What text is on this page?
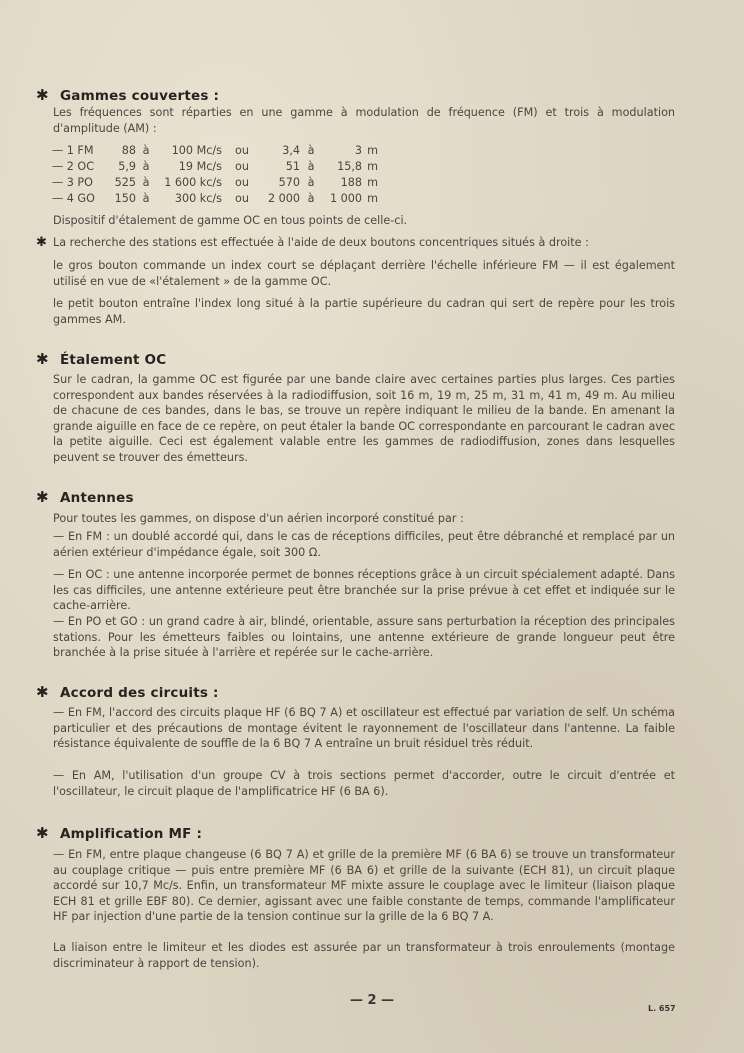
✱ Gammes couvertes :
Les fréquences sont réparties en une gamme à modulation de fréquence (FM) et trois à modulation d'amplitude (AM) :
— 1 FM	88	à	100 Mc/s	ou	3,4	à	3	m
— 2 OC	5,9	à	19 Mc/s	ou	51	à	15,8	m
— 3 PO	525	à	1 600 kc/s	ou	570	à	188	m
— 4 GO	150	à	300 kc/s	ou	2 000	à	1 000	m
Dispositif d'étalement de gamme OC en tous points de celle-ci.
✱ La recherche des stations est effectuée à l'aide de deux boutons concentriques situés à droite :
le gros bouton commande un index court se déplaçant derrière l'échelle inférieure FM — il est également utilisé en vue de «l'étalement » de la gamme OC.
le petit bouton entraîne l'index long situé à la partie supérieure du cadran qui sert de repère pour les trois gammes AM.
✱ Étalement OC
Sur le cadran, la gamme OC est figurée par une bande claire avec certaines parties plus larges. Ces parties correspondent aux bandes réservées à la radiodiffusion, soit 16 m, 19 m, 25 m, 31 m, 41 m, 49 m. Au milieu de chacune de ces bandes, dans le bas, se trouve un repère indiquant le milieu de la bande. En amenant la grande aiguille en face de ce repère, on peut étaler la bande OC correspondante en parcourant le cadran avec la petite aiguille. Ceci est également valable entre les gammes de radiodiffusion, zones dans lesquelles peuvent se trouver des émetteurs.
✱ Antennes
Pour toutes les gammes, on dispose d'un aérien incorporé constitué par :
— En FM : un doublé accordé qui, dans le cas de réceptions difficiles, peut être débranché et remplacé par un aérien extérieur d'impédance égale, soit 300 Ω.
— En OC : une antenne incorporée permet de bonnes réceptions grâce à un circuit spécialement adapté. Dans les cas difficiles, une antenne extérieure peut être branchée sur la prise prévue à cet effet et indiquée sur le cache-arrière.
— En PO et GO : un grand cadre à air, blindé, orientable, assure sans perturbation la réception des principales stations. Pour les émetteurs faibles ou lointains, une antenne extérieure de grande longueur peut être branchée à la prise située à l'arrière et repérée sur le cache-arrière.
✱ Accord des circuits :
— En FM, l'accord des circuits plaque HF (6 BQ 7 A) et oscillateur est effectué par variation de self. Un schéma particulier et des précautions de montage évitent le rayonnement de l'oscillateur dans l'antenne. La faible résistance équivalente de souffle de la 6 BQ 7 A entraîne un bruit résiduel très réduit.
— En AM, l'utilisation d'un groupe CV à trois sections permet d'accorder, outre le circuit d'entrée et l'oscillateur, le circuit plaque de l'amplificatrice HF (6 BA 6).
✱ Amplification MF :
— En FM, entre plaque changeuse (6 BQ 7 A) et grille de la première MF (6 BA 6) se trouve un transformateur au couplage critique — puis entre première MF (6 BA 6) et grille de la suivante (ECH 81), un circuit plaque accordé sur 10,7 Mc/s. Enfin, un transformateur MF mixte assure le couplage avec le limiteur (liaison plaque ECH 81 et grille EBF 80). Ce dernier, agissant avec une faible constante de temps, commande l'amplificateur HF par injection d'une partie de la tension continue sur la grille de la 6 BQ 7 A.
La liaison entre le limiteur et les diodes est assurée par un transformateur à trois enroulements (montage discriminateur à rapport de tension).
— 2 —
L. 657
